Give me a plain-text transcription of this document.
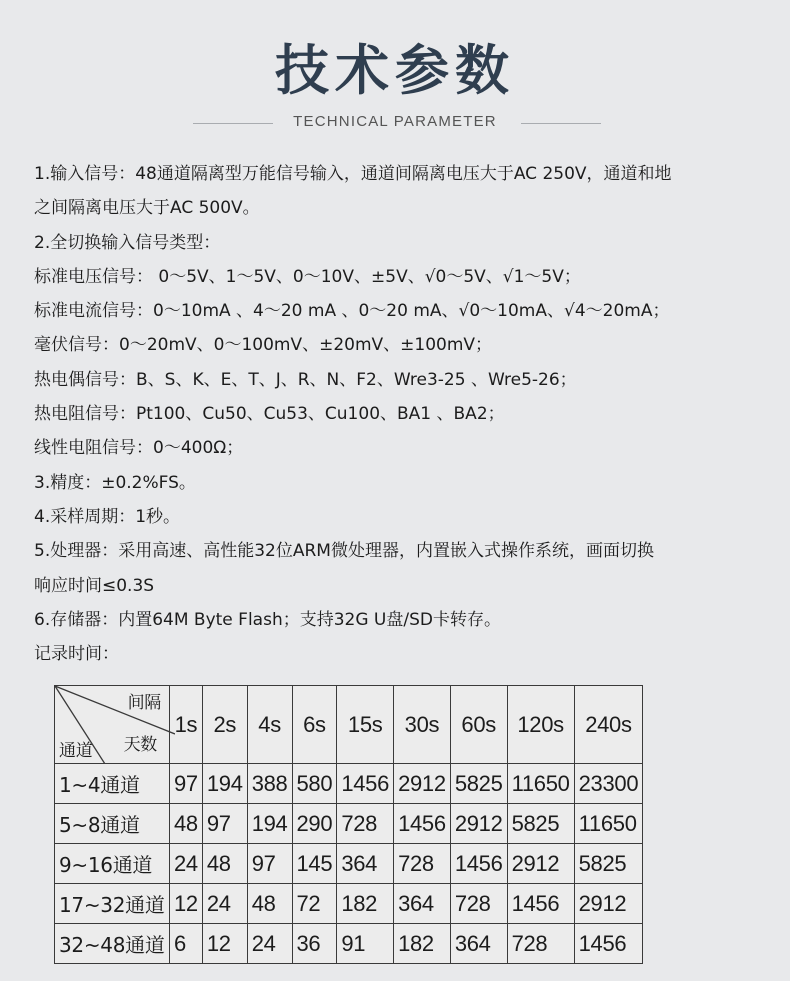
技术参数
TECHNICAL PARAMETER
1.输入信号：48通道隔离型万能信号输入，通道间隔离电压大于AC 250V，通道和地
之间隔离电压大于AC 500V。
2.全切换输入信号类型：
标准电压信号： 0～5V、1～5V、0～10V、±5V、√0～5V、√1～5V；
标准电流信号：0～10mA 、4～20 mA 、0～20 mA、√0～10mA、√4～20mA；
毫伏信号：0～20mV、0～100mV、±20mV、±100mV；
热电偶信号：B、S、K、E、T、J、R、N、F2、Wre3-25 、Wre5-26；
热电阻信号：Pt100、Cu50、Cu53、Cu100、BA1 、BA2；
线性电阻信号：0～400Ω；
3.精度：±0.2%FS。
4.采样周期：1秒。
5.处理器：采用高速、高性能32位ARM微处理器，内置嵌入式操作系统，画面切换
响应时间≤0.3S
6.存储器：内置64M Byte Flash；支持32G U盘/SD卡转存。
记录时间：
间隔
天数
通道	1s	2s	4s	6s	15s	30s	60s	120s	240s
1~4通道	97	194	388	580	1456	2912	5825	11650	23300
5~8通道	48	97	194	290	728	1456	2912	5825	11650
9~16通道	24	48	97	145	364	728	1456	2912	5825
17~32通道	12	24	48	72	182	364	728	1456	2912
32~48通道	6	12	24	36	91	182	364	728	1456
